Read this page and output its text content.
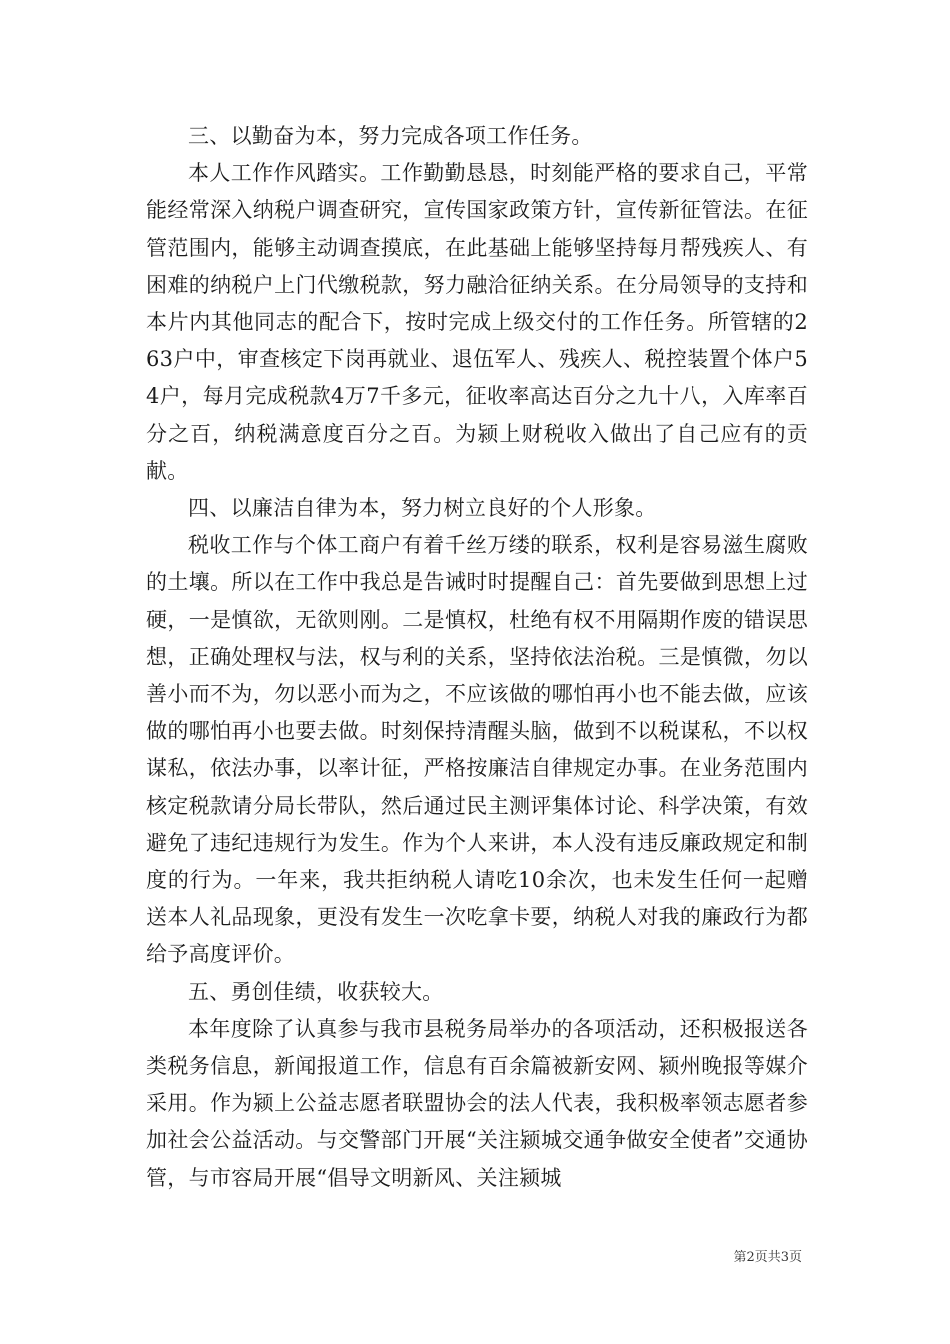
三、以勤奋为本，努力完成各项工作任务。

本人工作作风踏实。工作勤勤恳恳，时刻能严格的要求自己，平常能经常深入纳税户调查研究，宣传国家政策方针，宣传新征管法。在征管范围内，能够主动调查摸底，在此基础上能够坚持每月帮残疾人、有困难的纳税户上门代缴税款，努力融洽征纳关系。在分局领导的支持和本片内其他同志的配合下，按时完成上级交付的工作任务。所管辖的263户中，审查核定下岗再就业、退伍军人、残疾人、税控装置个体户54户，每月完成税款4万7千多元，征收率高达百分之九十八，入库率百分之百，纳税满意度百分之百。为颍上财税收入做出了自己应有的贡献。

四、以廉洁自律为本，努力树立良好的个人形象。

税收工作与个体工商户有着千丝万缕的联系，权利是容易滋生腐败的土壤。所以在工作中我总是告诫时时提醒自己：首先要做到思想上过硬，一是慎欲，无欲则刚。二是慎权，杜绝有权不用隔期作废的错误思想，正确处理权与法，权与利的关系，坚持依法治税。三是慎微，勿以善小而不为，勿以恶小而为之，不应该做的哪怕再小也不能去做，应该做的哪怕再小也要去做。时刻保持清醒头脑，做到不以税谋私，不以权谋私，依法办事，以率计征，严格按廉洁自律规定办事。在业务范围内核定税款请分局长带队，然后通过民主测评集体讨论、科学决策，有效避免了违纪违规行为发生。作为个人来讲，本人没有违反廉政规定和制度的行为。一年来，我共拒纳税人请吃10余次，也未发生任何一起赠送本人礼品现象，更没有发生一次吃拿卡要，纳税人对我的廉政行为都给予高度评价。

五、勇创佳绩，收获较大。

本年度除了认真参与我市县税务局举办的各项活动，还积极报送各类税务信息，新闻报道工作，信息有百余篇被新安网、颍州晚报等媒介采用。作为颍上公益志愿者联盟协会的法人代表，我积极率领志愿者参加社会公益活动。与交警部门开展“关注颍城交通争做安全使者”交通协管，与市容局开展“倡导文明新风、关注颍城

第2页共3页
